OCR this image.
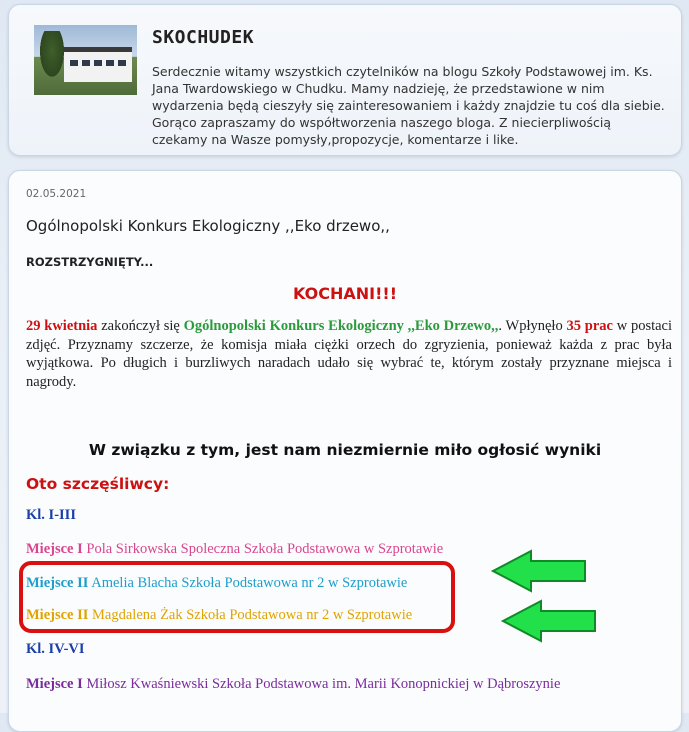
SKOCHUDEK

Serdecznie witamy wszystkich czytelników na blogu Szkoły Podstawowej im. Ks. Jana Twardowskiego w Chudku. Mamy nadzieję, że przedstawione w nim wydarzenia będą cieszyły się zainteresowaniem i każdy znajdzie tu coś dla siebie. Gorąco zapraszamy do współtworzenia naszego bloga. Z niecierpliwością czekamy na Wasze pomysły,propozycje, komentarze i like.

02.05.2021
Ogólnopolski Konkurs Ekologiczny ,,Eko drzewo,,
ROZSTRZYGNIĘTY...
KOCHANI!!!

29 kwietnia zakończył się Ogólnopolski Konkurs Ekologiczny ,,Eko Drzewo,,. Wpłynęło 35 prac w postaci zdjęć. Przyznamy szczerze, że komisja miała ciężki orzech do zgryzienia, ponieważ każda z prac była wyjątkowa. Po długich i burzliwych naradach udało się wybrać te, którym zostały przyznane miejsca i nagrody.

W związku z tym, jest nam niezmiernie miło ogłosić wyniki
Oto szczęśliwcy:
Kl. I-III
Miejsce I Pola Sirkowska Spoleczna Szkoła Podstawowa w Szprotawie
Miejsce II Amelia Blacha Szkoła Podstawowa nr 2 w Szprotawie
Miejsce II Magdalena Żak Szkoła Podstawowa nr 2 w Szprotawie
Kl. IV-VI
Miejsce I Miłosz Kwaśniewski Szkoła Podstawowa im. Marii Konopnickiej w Dąbroszynie
